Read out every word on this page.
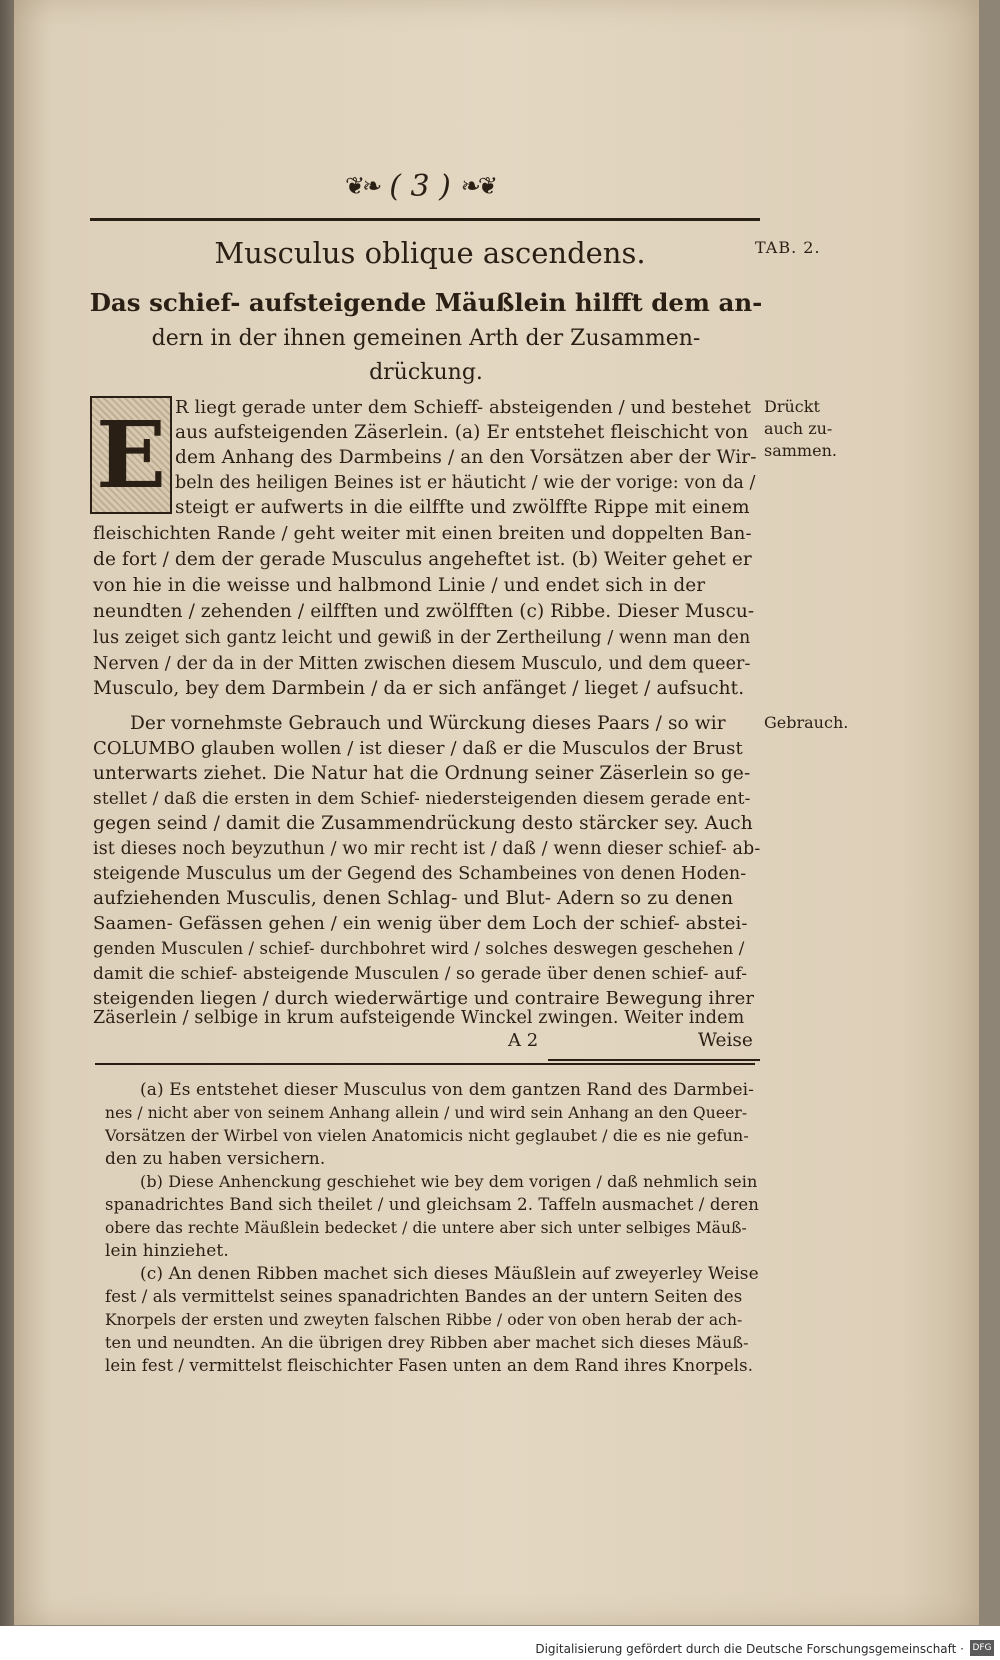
❦❧ ( 3 ) ❧❦
TAB. 2.
Musculus oblique ascendens.
Das schief- aufsteigende Mäußlein hilfft dem an-
dern in der ihnen gemeinen Arth der Zusammen-
drückung.
E R liegt gerade unter dem Schieff- absteigenden / und bestehet
aus aufsteigenden Zäserlein. (a) Er entstehet fleischicht von
dem Anhang des Darmbeins / an den Vorsätzen aber der Wir-
beln des heiligen Beines ist er häuticht / wie der vorige: von da /
steigt er aufwerts in die eilffte und zwölffte Rippe mit einem
fleischichten Rande / geht weiter mit einen breiten und doppelten Ban-
de fort / dem der gerade Musculus angeheftet ist. (b) Weiter gehet er
von hie in die weisse und halbmond Linie / und endet sich in der
neundten / zehenden / eilfften und zwölfften (c) Ribbe. Dieser Muscu-
lus zeiget sich gantz leicht und gewiß in der Zertheilung / wenn man den
Nerven / der da in der Mitten zwischen diesem Musculo, und dem queer-
Musculo, bey dem Darmbein / da er sich anfänget / lieget / aufsucht.
Drückt
auch zu-
sammen.
Der vornehmste Gebrauch und Würckung dieses Paars / so wir
COLUMBO glauben wollen / ist dieser / daß er die Musculos der Brust
unterwarts ziehet. Die Natur hat die Ordnung seiner Zäserlein so ge-
stellet / daß die ersten in dem Schief- niedersteigenden diesem gerade ent-
gegen seind / damit die Zusammendrückung desto stärcker sey. Auch
ist dieses noch beyzuthun / wo mir recht ist / daß / wenn dieser schief- ab-
steigende Musculus um der Gegend des Schambeines von denen Hoden-
aufziehenden Musculis, denen Schlag- und Blut- Adern so zu denen
Saamen- Gefässen gehen / ein wenig über dem Loch der schief- abstei-
genden Musculen / schief- durchbohret wird / solches deswegen geschehen /
damit die schief- absteigende Musculen / so gerade über denen schief- auf-
steigenden liegen / durch wiederwärtige und contraire Bewegung ihrer
Zäserlein / selbige in krum aufsteigende Winckel zwingen. Weiter indem
Gebrauch.
A 2	Weise
(a) Es entstehet dieser Musculus von dem gantzen Rand des Darmbei-
nes / nicht aber von seinem Anhang allein / und wird sein Anhang an den Queer-
Vorsätzen der Wirbel von vielen Anatomicis nicht geglaubet / die es nie gefun-
den zu haben versichern.
(b) Diese Anhenckung geschiehet wie bey dem vorigen / daß nehmlich sein
spanadrichtes Band sich theilet / und gleichsam 2. Taffeln ausmachet / deren
obere das rechte Mäußlein bedecket / die untere aber sich unter selbiges Mäuß-
lein hinziehet.
(c) An denen Ribben machet sich dieses Mäußlein auf zweyerley Weise
fest / als vermittelst seines spanadrichten Bandes an der untern Seiten des
Knorpels der ersten und zweyten falschen Ribbe / oder von oben herab der ach-
ten und neundten. An die übrigen drey Ribben aber machet sich dieses Mäuß-
lein fest / vermittelst fleischichter Fasen unten an dem Rand ihres Knorpels.
Digitalisierung gefördert durch die Deutsche Forschungsgemeinschaft · DFG
